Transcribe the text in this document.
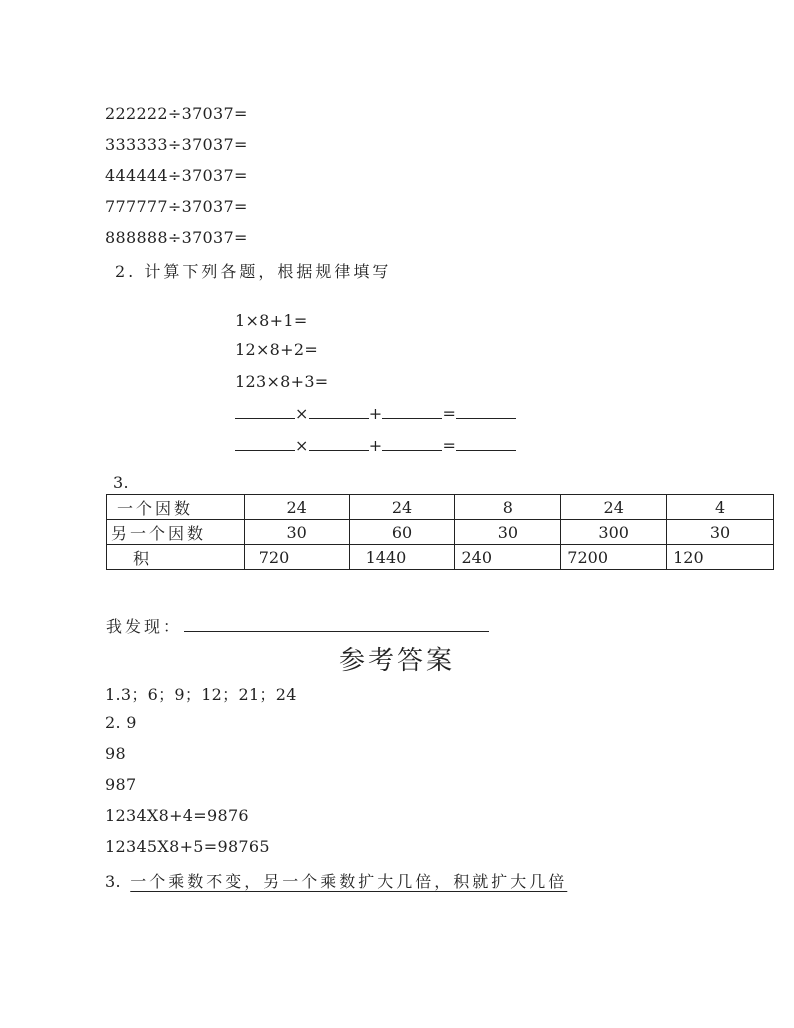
222222÷37037=
333333÷37037=
444444÷37037=
777777÷37037=
888888÷37037=
2. 计算下列各题，根据规律填写
1×8+1=
12×8+2=
123×8+3=
×	+	=
×	+	=
3.
一个因数	24	24	8	24	4
另一个因数	30	60	30	300	30
积	720	1440	240	7200	120
我发现：
参考答案
1.3；6；9；12；21；24
2. 9
98
987
1234X8+4=9876
12345X8+5=98765
3. 一个乘数不变，另一个乘数扩大几倍，积就扩大几倍
